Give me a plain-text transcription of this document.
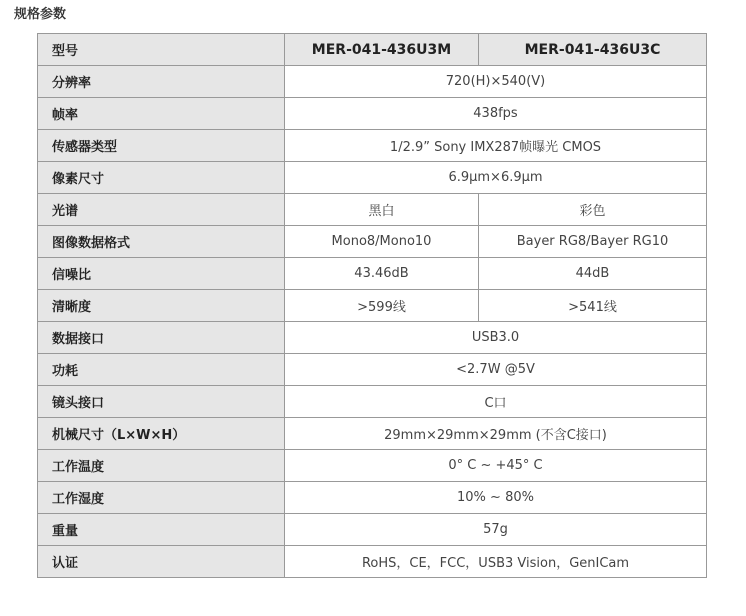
规格参数
型号	MER-041-436U3M	MER-041-436U3C
分辨率	720(H)×540(V)	
帧率	438fps	
传感器类型	1/2.9” Sony IMX287帧曝光 CMOS	
像素尺寸	6.9μm×6.9μm	
光谱	黑白	彩色
图像数据格式	Mono8/Mono10	Bayer RG8/Bayer RG10
信噪比	43.46dB	44dB
清晰度	>599线	>541线
数据接口	USB3.0	
功耗	<2.7W @5V	
镜头接口	C口	
机械尺寸（L×W×H）	29mm×29mm×29mm (不含C接口)	
工作温度	0° C ~ +45° C	
工作湿度	10% ~ 80%	
重量	57g	
认证	RoHS，CE，FCC，USB3 Vision，GenICam	
